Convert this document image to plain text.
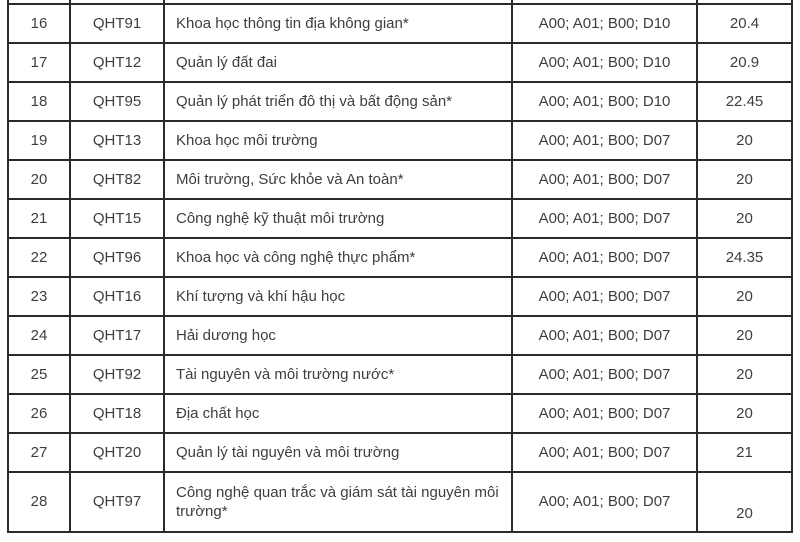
16	QHT91	Khoa học thông tin địa không gian*	A00; A01; B00; D10	20.4
17	QHT12	Quản lý đất đai	A00; A01; B00; D10	20.9
18	QHT95	Quản lý phát triển đô thị và bất động sản*	A00; A01; B00; D10	22.45
19	QHT13	Khoa học môi trường	A00; A01; B00; D07	20
20	QHT82	Môi trường, Sức khỏe và An toàn*	A00; A01; B00; D07	20
21	QHT15	Công nghệ kỹ thuật môi trường	A00; A01; B00; D07	20
22	QHT96	Khoa học và công nghệ thực phẩm*	A00; A01; B00; D07	24.35
23	QHT16	Khí tượng và khí hậu học	A00; A01; B00; D07	20
24	QHT17	Hải dương học	A00; A01; B00; D07	20
25	QHT92	Tài nguyên và môi trường nước*	A00; A01; B00; D07	20
26	QHT18	Địa chất học	A00; A01; B00; D07	20
27	QHT20	Quản lý tài nguyên và môi trường	A00; A01; B00; D07	21
28	QHT97	Công nghệ quan trắc và giám sát tài nguyên môi trường*	A00; A01; B00; D07	20
